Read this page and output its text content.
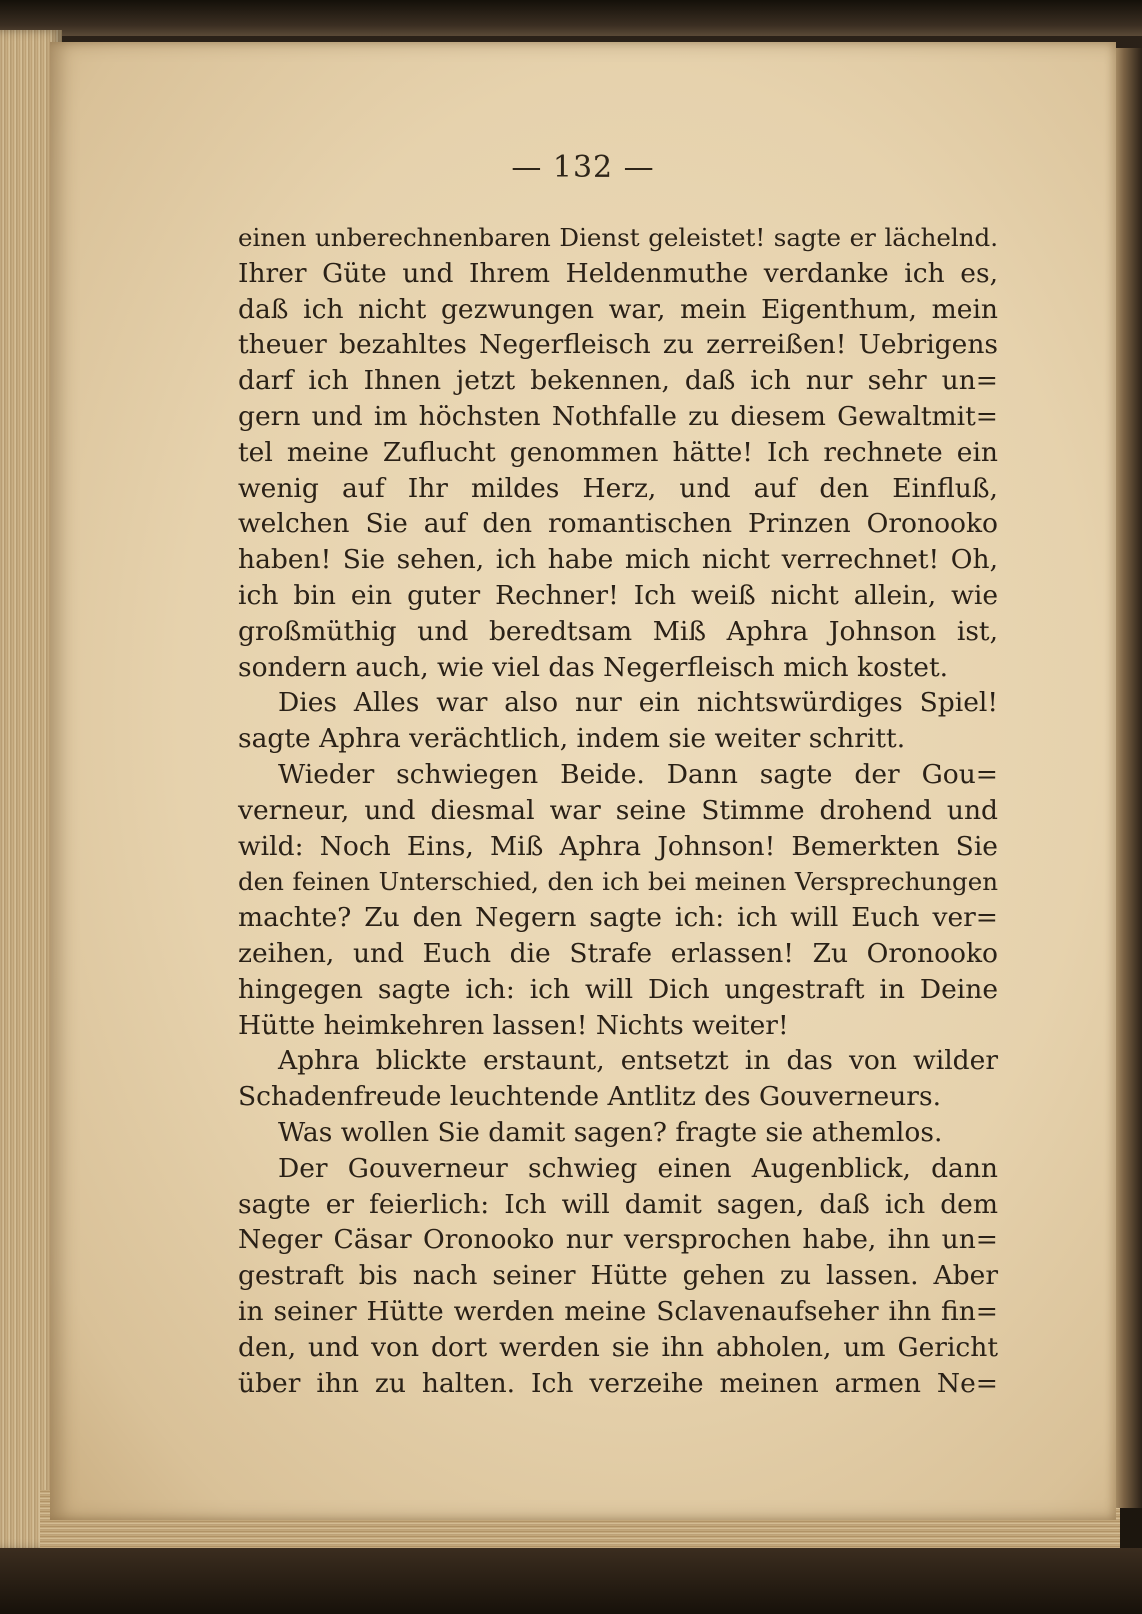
— 132 —
einen unberechnenbaren Dienst geleistet! sagte er lächelnd.
Ihrer Güte und Ihrem Heldenmuthe verdanke ich es,
daß ich nicht gezwungen war, mein Eigenthum, mein
theuer bezahltes Negerfleisch zu zerreißen! Uebrigens
darf ich Ihnen jetzt bekennen, daß ich nur sehr un=
gern und im höchsten Nothfalle zu diesem Gewaltmit=
tel meine Zuflucht genommen hätte! Ich rechnete ein
wenig auf Ihr mildes Herz, und auf den Einfluß,
welchen Sie auf den romantischen Prinzen Oronooko
haben! Sie sehen, ich habe mich nicht verrechnet! Oh,
ich bin ein guter Rechner! Ich weiß nicht allein, wie
großmüthig und beredtsam Miß Aphra Johnson ist,
sondern auch, wie viel das Negerfleisch mich kostet.
Dies Alles war also nur ein nichtswürdiges Spiel!
sagte Aphra verächtlich, indem sie weiter schritt.
Wieder schwiegen Beide. Dann sagte der Gou=
verneur, und diesmal war seine Stimme drohend und
wild: Noch Eins, Miß Aphra Johnson! Bemerkten Sie
den feinen Unterschied, den ich bei meinen Versprechungen
machte? Zu den Negern sagte ich: ich will Euch ver=
zeihen, und Euch die Strafe erlassen! Zu Oronooko
hingegen sagte ich: ich will Dich ungestraft in Deine
Hütte heimkehren lassen! Nichts weiter!
Aphra blickte erstaunt, entsetzt in das von wilder
Schadenfreude leuchtende Antlitz des Gouverneurs.
Was wollen Sie damit sagen? fragte sie athemlos.
Der Gouverneur schwieg einen Augenblick, dann
sagte er feierlich: Ich will damit sagen, daß ich dem
Neger Cäsar Oronooko nur versprochen habe, ihn un=
gestraft bis nach seiner Hütte gehen zu lassen. Aber
in seiner Hütte werden meine Sclavenaufseher ihn fin=
den, und von dort werden sie ihn abholen, um Gericht
über ihn zu halten. Ich verzeihe meinen armen Ne=
